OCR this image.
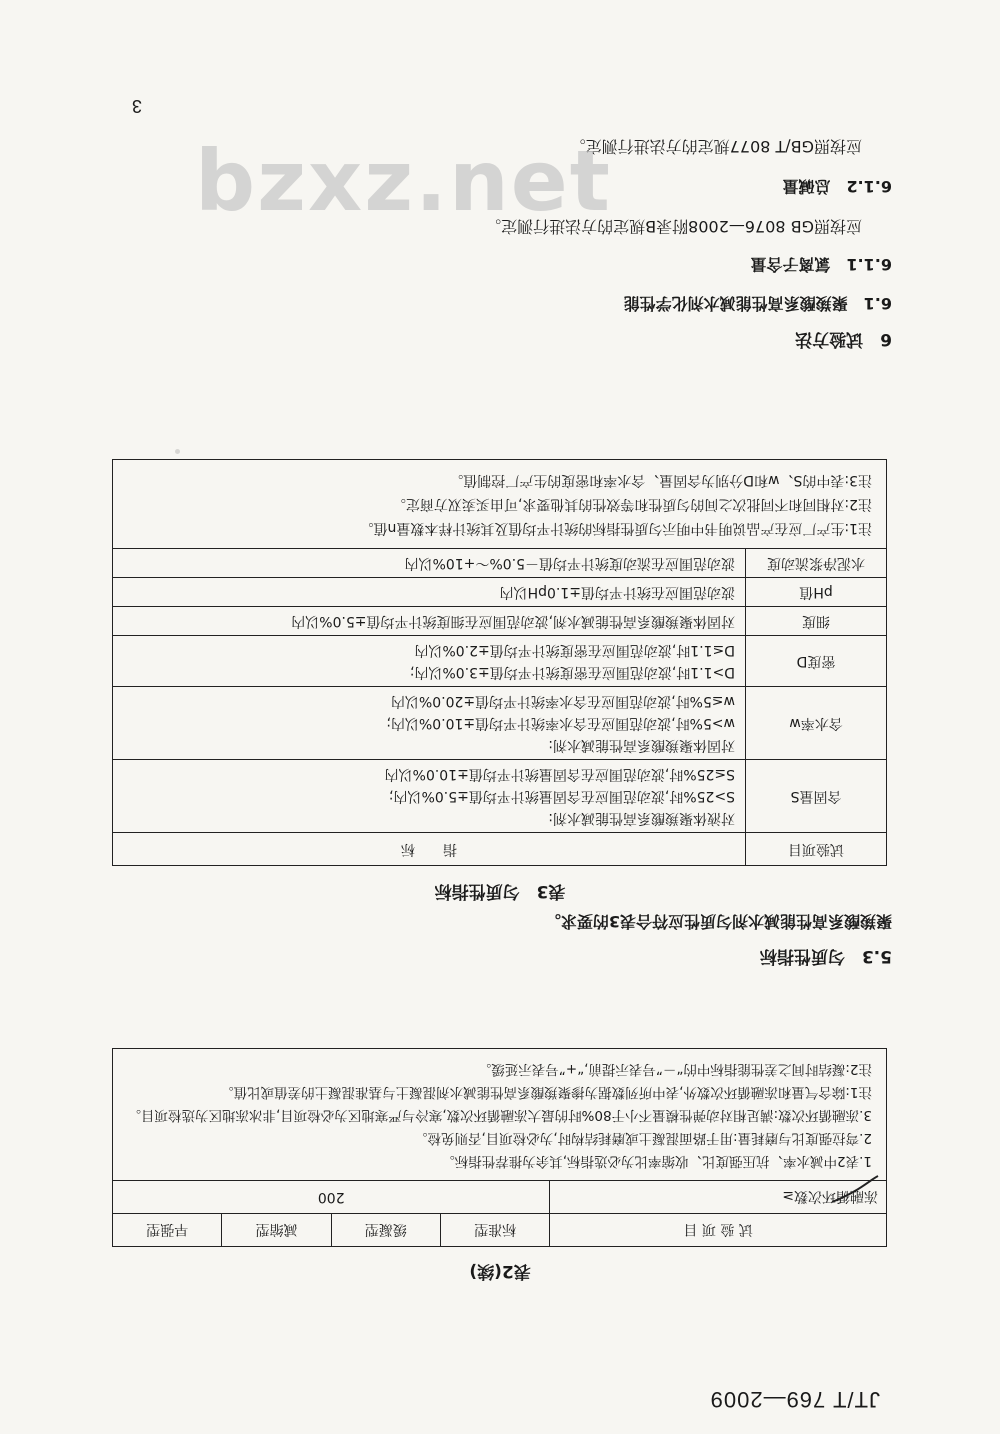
JT/T 769—2009
表2(续)
试 验 项 目	标准型	缓凝型	减缩型	早强型
冻融循环次数≥	200			

1.表2中减水率、抗压强度比、收缩率比为必选指标,其余为推荐性指标。
2.弯拉强度比与磨耗量:用于路面混凝土或磨耗结构时,为必检项目,否则免检。
3.冻融循环次数:满足相对动弹性模量不小于80%时的最大冻融循环次数,寒冷与严寒地区为必检项目,非冰冻地区为选检项目。
注1:除含气量和冻融循环次数外,表中所列数据为掺聚羧酸系高性能减水剂混凝土与基准混凝土的差值或比值。
注2:凝结时间之差性能指标中的“－”号表示提前,“+”号表示延缓。				
5.3　匀质性指标
聚羧酸系高性能减水剂匀质性应符合表3的要求。
表3　匀质性指标
试验项目	指　　标
含固量S	对液体聚羧酸系高性能减水剂:
S>25%时,波动范围应在含固量统计平均值±5.0%以内;
S≤25%时,波动范围应在含固量统计平均值±10.0%以内

含水率w	对固体聚羧酸系高性能减水剂:
w>5%时,波动范围应在含水率统计平均值±10.0%以内;
w≤5%时,波动范围应在含水率统计平均值±20.0%以内

密度D	D>1.1时,波动范围应在密度统计平均值±3.0%以内;
D≤1.1时,波动范围应在密度统计平均值±2.0%以内

细度	对固体聚羧酸系高性能减水剂,波动范围应在细度统计平均值±5.0%以内

pH值	波动范围应在统计平均值±1.0pH以内

水泥净浆流动度	波动范围应在流动度统计平均值－5.0%～+10%以内

注1:生产厂应在产品说明书中明示匀质性指标的统计平均值及其统计样本数量n值。
注2:对相同和不同批次之间的匀质性和等效性的其他要求,可由买卖双方商定。
注3:表中的S、w和D分别为含固量、含水率和密度的生产厂控制值。	
6　试验方法
6.1　聚羧酸系高性能减水剂化学性能
6.1.1　氯离子含量
应按照GB 8076—2008附录B规定的方法进行测定。
6.1.2　总碱量
应按照GB/T 8077规定的方法进行测定。
3
bzxz.net
